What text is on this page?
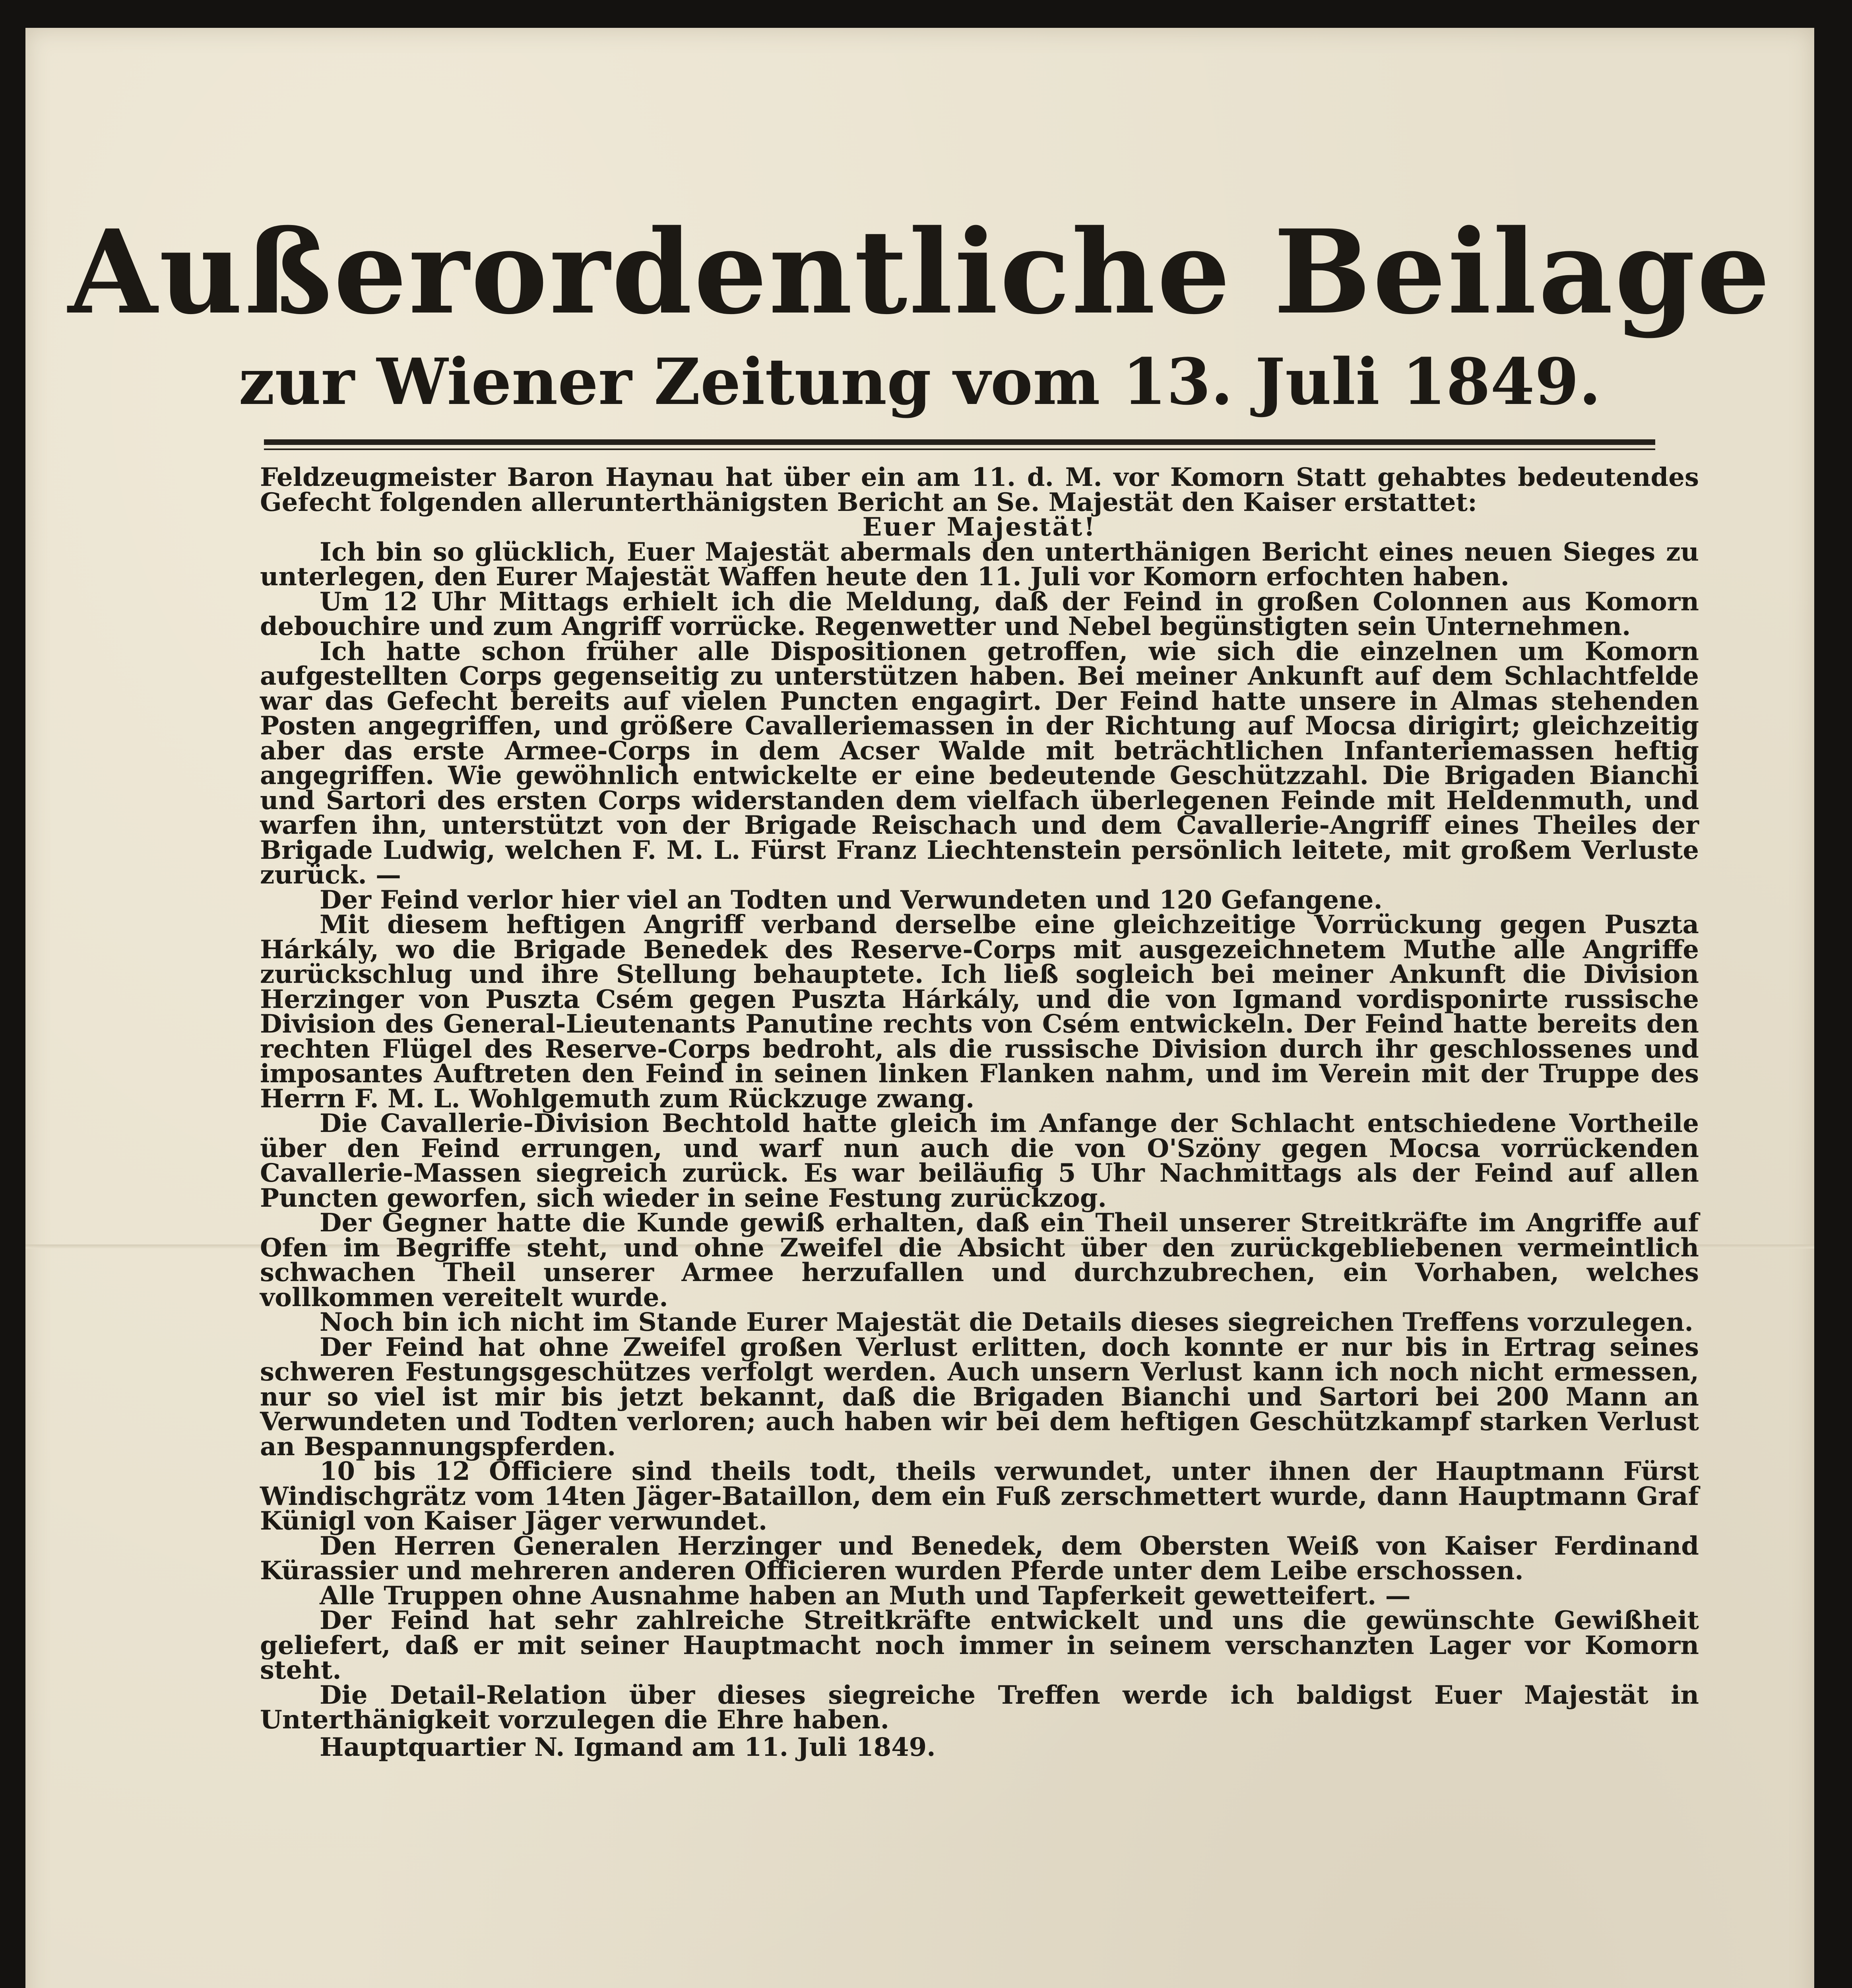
Außerordentliche Beilage
zur Wiener Zeitung vom 13. Juli 1849.

Feldzeugmeister Baron Haynau hat über ein am 11. d. M. vor Komorn Statt gehabtes bedeutendes Gefecht folgenden allerunterthänigsten Bericht an Se. Majestät den Kaiser erstattet:

Euer Majestät!

Ich bin so glücklich, Euer Majestät abermals den unterthänigen Bericht eines neuen Sieges zu unterlegen, den Eurer Majestät Waffen heute den 11. Juli vor Komorn erfochten haben.

Um 12 Uhr Mittags erhielt ich die Meldung, daß der Feind in großen Colonnen aus Komorn debouchire und zum Angriff vorrücke. Regenwetter und Nebel begünstigten sein Unternehmen.

Ich hatte schon früher alle Dispositionen getroffen, wie sich die einzelnen um Komorn aufgestellten Corps gegenseitig zu unterstützen haben. Bei meiner Ankunft auf dem Schlachtfelde war das Gefecht bereits auf vielen Puncten engagirt. Der Feind hatte unsere in Almas stehenden Posten angegriffen, und größere Cavalleriemassen in der Richtung auf Mocsa dirigirt; gleichzeitig aber das erste Armee-Corps in dem Acser Walde mit beträchtlichen Infanteriemassen heftig angegriffen. Wie gewöhnlich entwickelte er eine bedeutende Geschützzahl. Die Brigaden Bianchi und Sartori des ersten Corps widerstanden dem vielfach überlegenen Feinde mit Heldenmuth, und warfen ihn, unterstützt von der Brigade Reischach und dem Cavallerie-Angriff eines Theiles der Brigade Ludwig, welchen F. M. L. Fürst Franz Liechtenstein persönlich leitete, mit großem Verluste zurück. —

Der Feind verlor hier viel an Todten und Verwundeten und 120 Gefangene.

Mit diesem heftigen Angriff verband derselbe eine gleichzeitige Vorrückung gegen Puszta Hárkály, wo die Brigade Benedek des Reserve-Corps mit ausgezeichnetem Muthe alle Angriffe zurückschlug und ihre Stellung behauptete. Ich ließ sogleich bei meiner Ankunft die Division Herzinger von Puszta Csém gegen Puszta Hárkály, und die von Igmand vordisponirte russische Division des General-Lieutenants Panutine rechts von Csém entwickeln. Der Feind hatte bereits den rechten Flügel des Reserve-Corps bedroht, als die russische Division durch ihr geschlossenes und imposantes Auftreten den Feind in seinen linken Flanken nahm, und im Verein mit der Truppe des Herrn F. M. L. Wohlgemuth zum Rückzuge zwang.

Die Cavallerie-Division Bechtold hatte gleich im Anfange der Schlacht entschiedene Vortheile über den Feind errungen, und warf nun auch die von O'Szöny gegen Mocsa vorrückenden Cavallerie-Massen siegreich zurück. Es war beiläufig 5 Uhr Nachmittags als der Feind auf allen Puncten geworfen, sich wieder in seine Festung zurückzog.

Der Gegner hatte die Kunde gewiß erhalten, daß ein Theil unserer Streitkräfte im Angriffe auf Ofen im Begriffe steht, und ohne Zweifel die Absicht über den zurückgebliebenen vermeintlich schwachen Theil unserer Armee herzufallen und durchzubrechen, ein Vorhaben, welches vollkommen vereitelt wurde.

Noch bin ich nicht im Stande Eurer Majestät die Details dieses siegreichen Treffens vorzulegen.

Der Feind hat ohne Zweifel großen Verlust erlitten, doch konnte er nur bis in Ertrag seines schweren Festungsgeschützes verfolgt werden. Auch unsern Verlust kann ich noch nicht ermessen, nur so viel ist mir bis jetzt bekannt, daß die Brigaden Bianchi und Sartori bei 200 Mann an Verwundeten und Todten verloren; auch haben wir bei dem heftigen Geschützkampf starken Verlust an Bespannungspferden.

10 bis 12 Officiere sind theils todt, theils verwundet, unter ihnen der Hauptmann Fürst Windischgrätz vom 14ten Jäger-Bataillon, dem ein Fuß zerschmettert wurde, dann Hauptmann Graf Künigl von Kaiser Jäger verwundet.

Den Herren Generalen Herzinger und Benedek, dem Obersten Weiß von Kaiser Ferdinand Kürassier und mehreren anderen Officieren wurden Pferde unter dem Leibe erschossen.

Alle Truppen ohne Ausnahme haben an Muth und Tapferkeit gewetteifert. —

Der Feind hat sehr zahlreiche Streitkräfte entwickelt und uns die gewünschte Gewißheit geliefert, daß er mit seiner Hauptmacht noch immer in seinem verschanzten Lager vor Komorn steht.

Die Detail-Relation über dieses siegreiche Treffen werde ich baldigst Euer Majestät in Unterthänigkeit vorzulegen die Ehre haben.

Hauptquartier N. Igmand am 11. Juli 1849.
